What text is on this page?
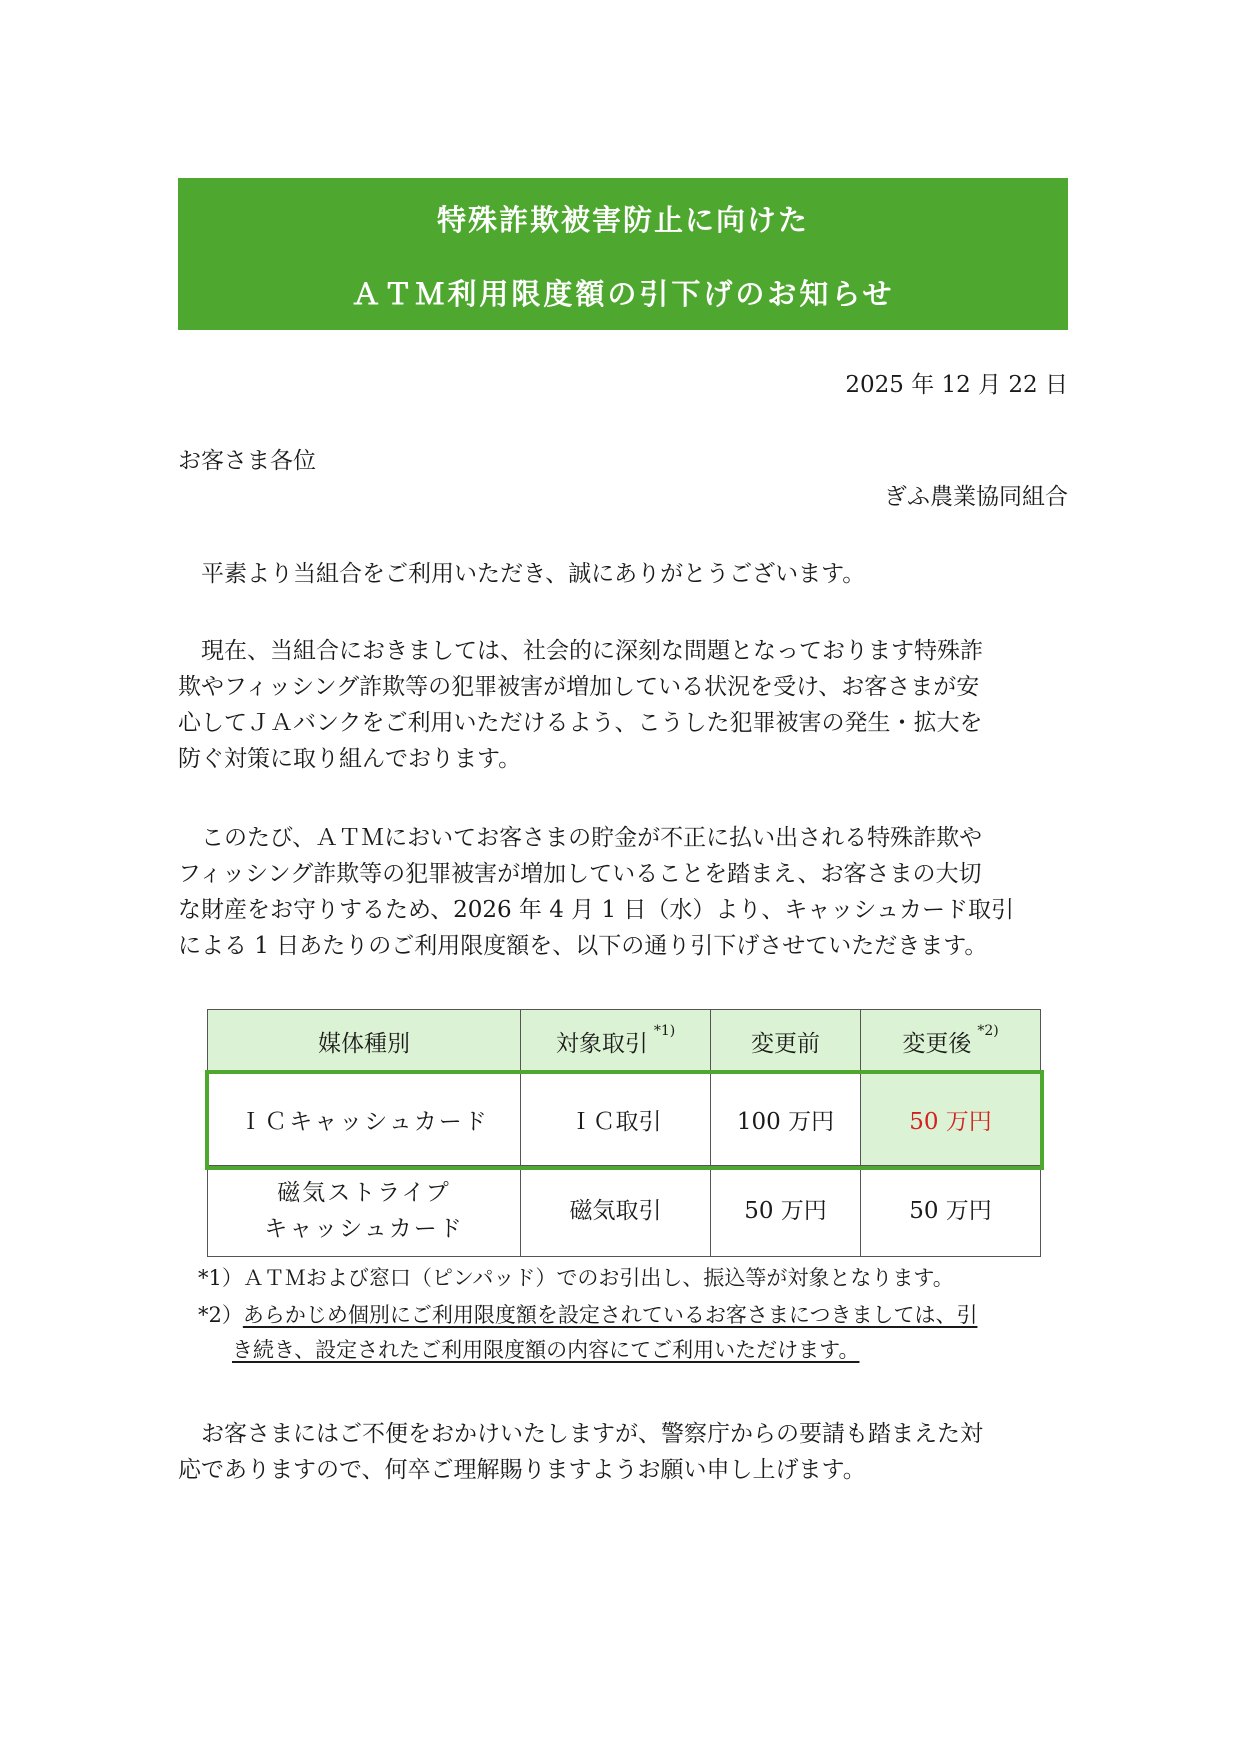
特殊詐欺被害防止に向けた
ＡＴＭ利用限度額の引下げのお知らせ
2025 年 12 月 22 日
お客さま各位
ぎふ農業協同組合
平素より当組合をご利用いただき、誠にありがとうございます。
現在、当組合におきましては、社会的に深刻な問題となっております特殊詐
欺やフィッシング詐欺等の犯罪被害が増加している状況を受け、お客さまが安
心してＪＡバンクをご利用いただけるよう、こうした犯罪被害の発生・拡大を
防ぐ対策に取り組んでおります。
このたび、ＡＴＭにおいてお客さまの貯金が不正に払い出される特殊詐欺や
フィッシング詐欺等の犯罪被害が増加していることを踏まえ、お客さまの大切
な財産をお守りするため、2026 年 4 月 1 日（水）より、キャッシュカード取引
による 1 日あたりのご利用限度額を、以下の通り引下げさせていただきます。
媒体種別	対象取引 $^{*1)}$	変更前	変更後 $^{*2)}$
ＩＣキャッシュカード	ＩＣ取引	100 万円	50 万円

磁気ストライプ
キャッシュカード	磁気取引	50 万円	50 万円
*1）ＡＴＭおよび窓口（ピンパッド）でのお引出し、振込等が対象となります。
*2）あらかじめ個別にご利用限度額を設定されているお客さまにつきましては、引
き続き、設定されたご利用限度額の内容にてご利用いただけます。
お客さまにはご不便をおかけいたしますが、警察庁からの要請も踏まえた対
応でありますので、何卒ご理解賜りますようお願い申し上げます。
